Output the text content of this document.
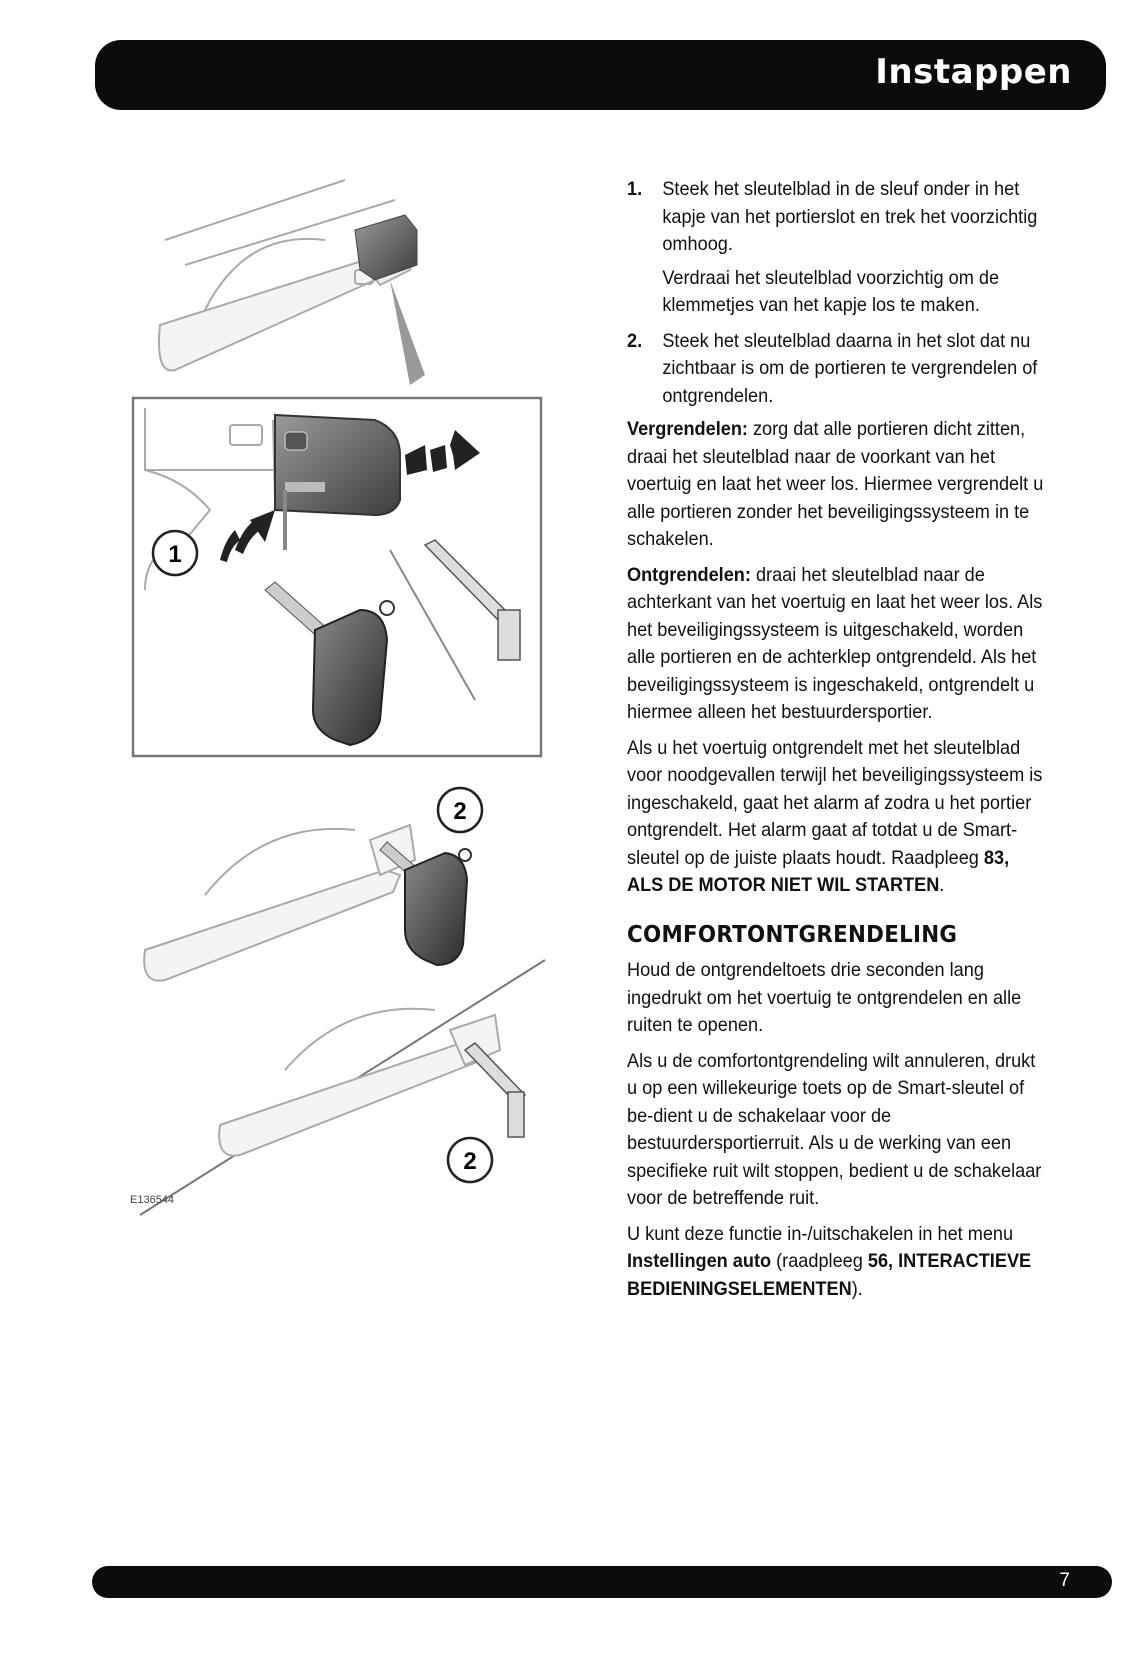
Instappen
1
2
2
E136544
1. Steek het sleutelblad in de sleuf onder in het kapje van het portierslot en trek het voorzichtig omhoog.

Verdraai het sleutelblad voorzichtig om de klemmetjes van het kapje los te maken.

2. Steek het sleutelblad daarna in het slot dat nu zichtbaar is om de portieren te vergrendelen of ontgrendelen.

Vergrendelen: zorg dat alle portieren dicht zitten, draai het sleutelblad naar de voorkant van het voertuig en laat het weer los. Hiermee vergrendelt u alle portieren zonder het beveiligingssysteem in te schakelen.

Ontgrendelen: draai het sleutelblad naar de achterkant van het voertuig en laat het weer los. Als het beveiligingssysteem is uitgeschakeld, worden alle portieren en de achterklep ontgrendeld. Als het beveiligingssysteem is ingeschakeld, ontgrendelt u hiermee alleen het bestuurdersportier.

Als u het voertuig ontgrendelt met het sleutelblad voor noodgevallen terwijl het beveiligingssysteem is ingeschakeld, gaat het alarm af zodra u het portier ontgrendelt. Het alarm gaat af totdat u de Smart-sleutel op de juiste plaats houdt. Raadpleeg 83, ALS DE MOTOR NIET WIL STARTEN.

COMFORTONTGRENDELING

Houd de ontgrendeltoets drie seconden lang ingedrukt om het voertuig te ontgrendelen en alle ruiten te openen.

Als u de comfortontgrendeling wilt annuleren, drukt u op een willekeurige toets op de Smart-sleutel of be-dient u de schakelaar voor de bestuurdersportierruit. Als u de werking van een specifieke ruit wilt stoppen, bedient u de schakelaar voor de betreffende ruit.

U kunt deze functie in-/uitschakelen in het menu Instellingen auto (raadpleeg 56, INTERACTIEVE BEDIENINGSELEMENTEN).

7
